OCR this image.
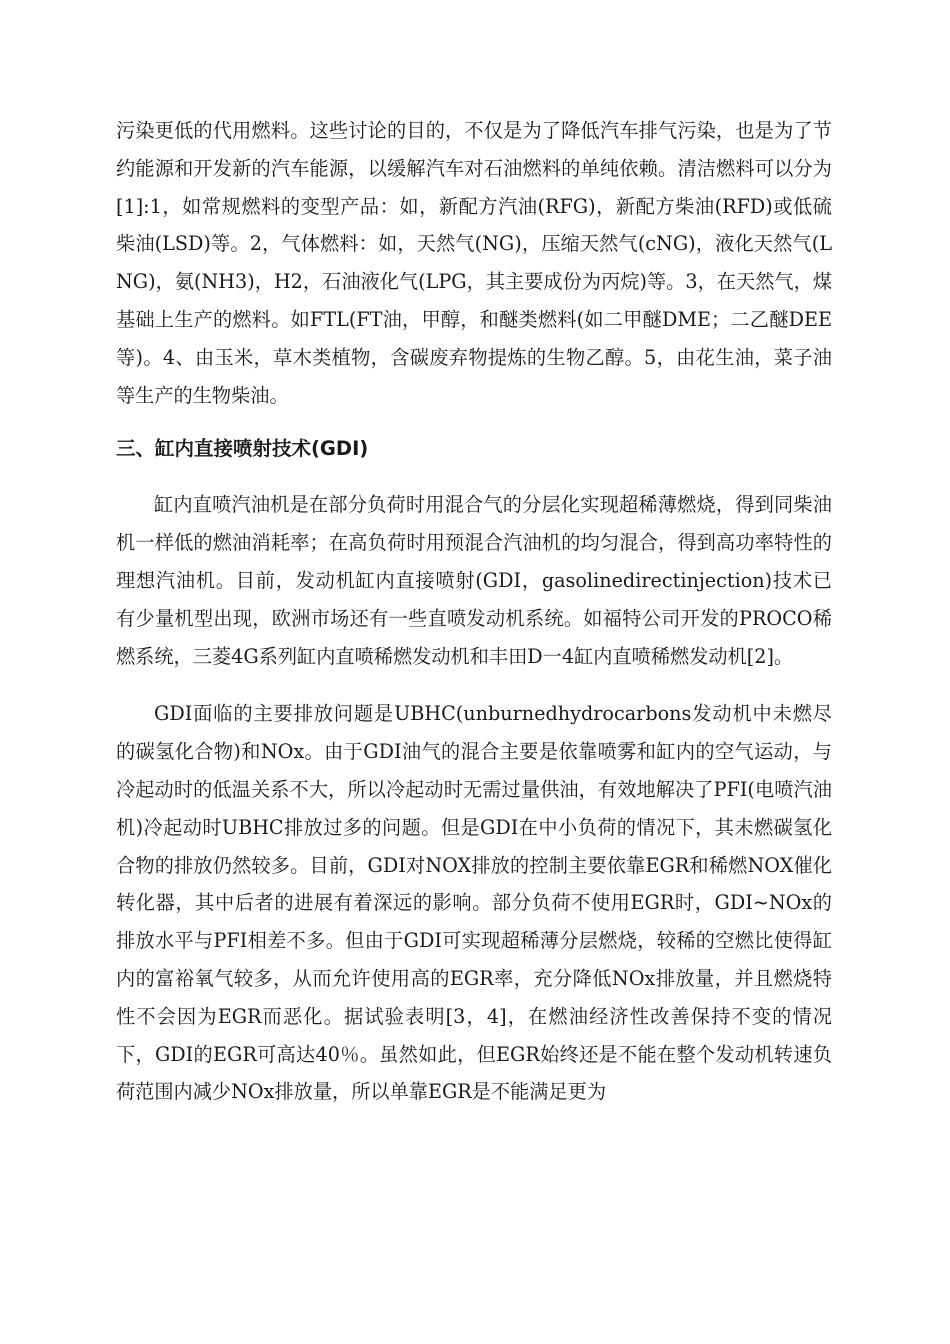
污染更低的代用燃料。这些讨论的目的，不仅是为了降低汽车排气污染，也是为了节约能源和开发新的汽车能源，以缓解汽车对石油燃料的单纯依赖。清洁燃料可以分为[1]:1，如常规燃料的变型产品：如，新配方汽油(RFG)，新配方柴油(RFD)或低硫柴油(LSD)等。2，气体燃料：如，天然气(NG)，压缩天然气(cNG)，液化天然气(LNG)，氨(NH3)，H2，石油液化气(LPG，其主要成份为丙烷)等。3，在天然气，煤基础上生产的燃料。如FTL(FT油，甲醇，和醚类燃料(如二甲醚DME；二乙醚DEE等)。4、由玉米，草木类植物，含碳废弃物提炼的生物乙醇。5，由花生油，菜子油等生产的生物柴油。

三、缸内直接喷射技术(GDI)

缸内直喷汽油机是在部分负荷时用混合气的分层化实现超稀薄燃烧，得到同柴油机一样低的燃油消耗率；在高负荷时用预混合汽油机的均匀混合，得到高功率特性的理想汽油机。目前，发动机缸内直接喷射(GDI，gasolinedirectinjection)技术已有少量机型出现，欧洲市场还有一些直喷发动机系统。如福特公司开发的PROCO稀燃系统，三菱4G系列缸内直喷稀燃发动机和丰田D一4缸内直喷稀燃发动机[2]。

GDI面临的主要排放问题是UBHC(unburnedhydrocarbons发动机中未燃尽的碳氢化合物)和NOx。由于GDI油气的混合主要是依靠喷雾和缸内的空气运动，与冷起动时的低温关系不大，所以冷起动时无需过量供油，有效地解决了PFI(电喷汽油机)冷起动时UBHC排放过多的问题。但是GDI在中小负荷的情况下，其未燃碳氢化合物的排放仍然较多。目前，GDI对NOX排放的控制主要依靠EGR和稀燃NOX催化转化器，其中后者的进展有着深远的影响。部分负荷不使用EGR时，GDI~NOx的排放水平与PFI相差不多。但由于GDI可实现超稀薄分层燃烧，较稀的空燃比使得缸内的富裕氧气较多，从而允许使用高的EGR率，充分降低NOx排放量，并且燃烧特性不会因为EGR而恶化。据试验表明[3，4]，在燃油经济性改善保持不变的情况下，GDI的EGR可高达40％。虽然如此，但EGR始终还是不能在整个发动机转速负荷范围内减少NOx排放量，所以单靠EGR是不能满足更为
